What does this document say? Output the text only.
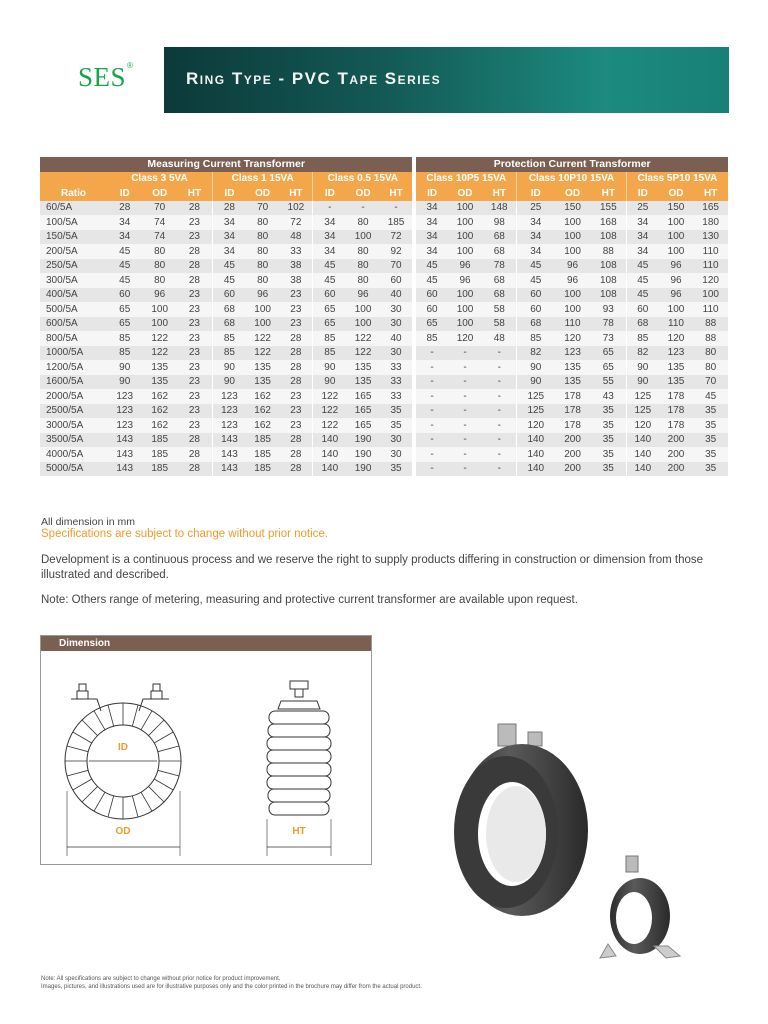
SES®
Ring Type - PVC Tape Series
Measuring Current Transformer											Protection Current Transformer								
	Class 3 5VA			Class 1 15VA			Class 0.5 15VA				Class 10P5 15VA			Class 10P10 15VA			Class 5P10 15VA		
Ratio	ID	OD	HT	ID	OD	HT	ID	OD	HT		ID	OD	HT	ID	OD	HT	ID	OD	HT
60/5A	28	70	28	28	70	102	-	-	-		34	100	148	25	150	155	25	150	165
100/5A	34	74	23	34	80	72	34	80	185		34	100	98	34	100	168	34	100	180
150/5A	34	74	23	34	80	48	34	100	72		34	100	68	34	100	108	34	100	130
200/5A	45	80	28	34	80	33	34	80	92		34	100	68	34	100	88	34	100	110
250/5A	45	80	28	45	80	38	45	80	70		45	96	78	45	96	108	45	96	110
300/5A	45	80	28	45	80	38	45	80	60		45	96	68	45	96	108	45	96	120
400/5A	60	96	23	60	96	23	60	96	40		60	100	68	60	100	108	45	96	100
500/5A	65	100	23	68	100	23	65	100	30		60	100	58	60	100	93	60	100	110
600/5A	65	100	23	68	100	23	65	100	30		65	100	58	68	110	78	68	110	88
800/5A	85	122	23	85	122	28	85	122	40		85	120	48	85	120	73	85	120	88
1000/5A	85	122	23	85	122	28	85	122	30		-	-	-	82	123	65	82	123	80
1200/5A	90	135	23	90	135	28	90	135	33		-	-	-	90	135	65	90	135	80
1600/5A	90	135	23	90	135	28	90	135	33		-	-	-	90	135	55	90	135	70
2000/5A	123	162	23	123	162	23	122	165	33		-	-	-	125	178	43	125	178	45
2500/5A	123	162	23	123	162	23	122	165	35		-	-	-	125	178	35	125	178	35
3000/5A	123	162	23	123	162	23	122	165	35		-	-	-	120	178	35	120	178	35
3500/5A	143	185	28	143	185	28	140	190	30		-	-	-	140	200	35	140	200	35
4000/5A	143	185	28	143	185	28	140	190	30		-	-	-	140	200	35	140	200	35
5000/5A	143	185	28	143	185	28	140	190	35		-	-	-	140	200	35	140	200	35
All dimension in mm
Specifications are subject to change without prior notice.
Development is a continuous process and we reserve the right to supply products differing in construction or dimension from those illustrated and described.
Note: Others range of metering, measuring and protective current transformer are available upon request.
Dimension
ID
OD	HT
Note: All specifications are subject to change without prior notice for product improvement.
Images, pictures, and illustrations used are for illustrative purposes only and the color printed in the brochure may differ from the actual product.
